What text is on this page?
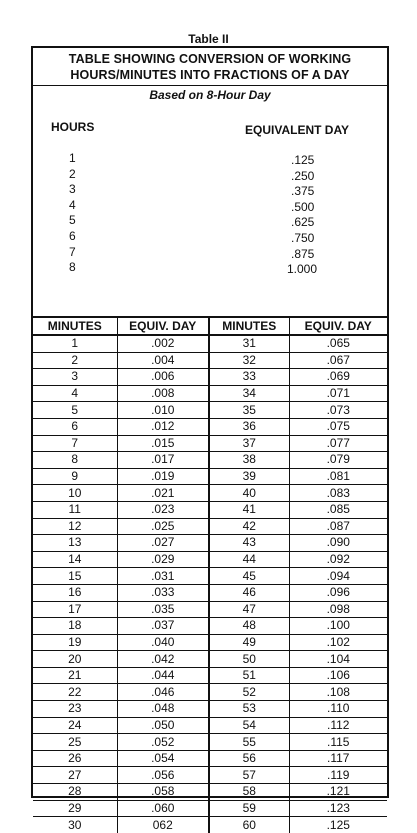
Table II
TABLE SHOWING CONVERSION OF WORKING
HOURS/MINUTES INTO FRACTIONS OF A DAY
Based on 8-Hour Day
HOURS	EQUIVALENT DAY
1	.125
2	.250
3	.375
4	.500
5	.625
6	.750
7	.875
8	1.000
MINUTES	EQUIV. DAY	MINUTES	EQUIV. DAY
1	.002	31	.065
2	.004	32	.067
3	.006	33	.069
4	.008	34	.071
5	.010	35	.073
6	.012	36	.075
7	.015	37	.077
8	.017	38	.079
9	.019	39	.081
10	.021	40	.083
11	.023	41	.085
12	.025	42	.087
13	.027	43	.090
14	.029	44	.092
15	.031	45	.094
16	.033	46	.096
17	.035	47	.098
18	.037	48	.100
19	.040	49	.102
20	.042	50	.104
21	.044	51	.106
22	.046	52	.108
23	.048	53	.110
24	.050	54	.112
25	.052	55	.115
26	.054	56	.117
27	.056	57	.119
28	.058	58	.121
29	.060	59	.123
30	062	60	.125
